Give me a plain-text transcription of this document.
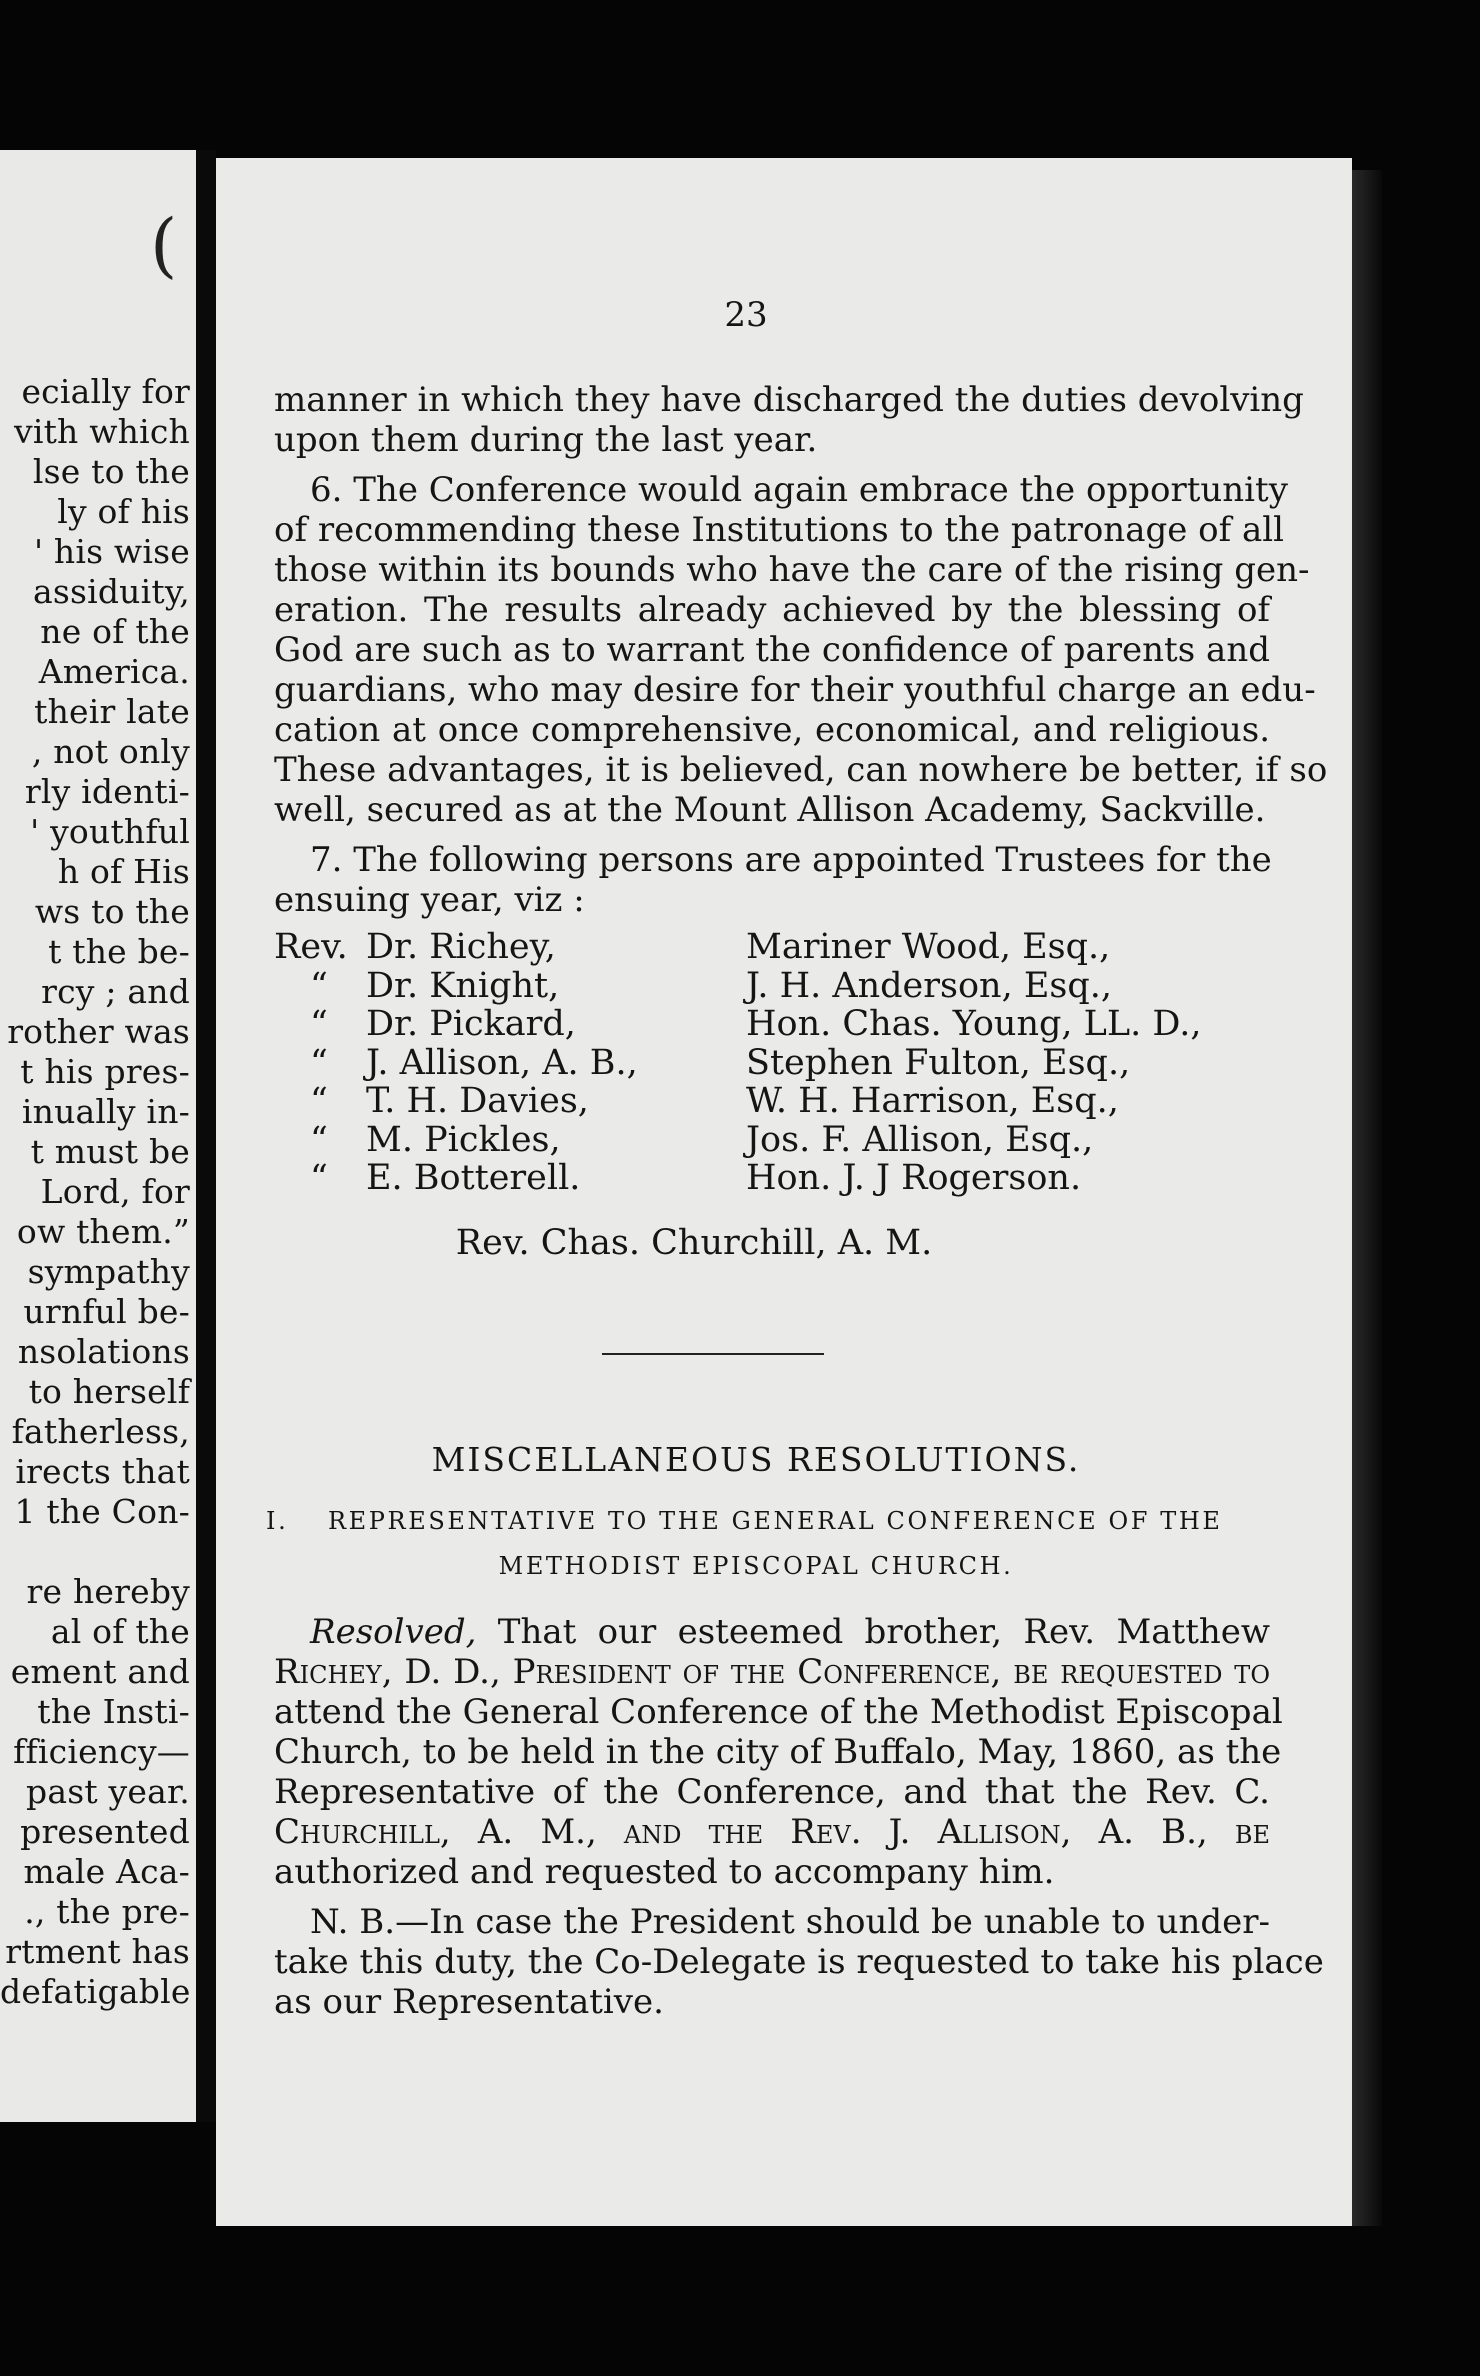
(
ecially for
vith which
lse to the
ly of his
' his wise
assiduity,
ne of the
America.
their late
, not only
rly identi-
' youthful
h of His
ws to the
t the be-
rcy ; and
rother was
t his pres-
inually in-
t must be
Lord, for
ow them.”
sympathy
urnful be-
nsolations
to herself
fatherless,
irects that
1 the Con-
re hereby
al of the
ement and
the Insti-
fficiency—
past year.
presented
male Aca-
., the pre-
rtment has
defatigable
23
manner in which they have discharged the duties devolving
upon them during the last year.
6. The Conference would again embrace the opportunity
of recommending these Institutions to the patronage of all
those within its bounds who have the care of the rising gen-
eration. The results already achieved by the blessing of
God are such as to warrant the confidence of parents and
guardians, who may desire for their youthful charge an edu-
cation at once comprehensive, economical, and religious.
These advantages, it is believed, can nowhere be better, if so
well, secured as at the Mount Allison Academy, Sackville.
7. The following persons are appointed Trustees for the
ensuing year, viz :
Rev. Dr. Richey,
“ Dr. Knight,
“ Dr. Pickard,
“ J. Allison, A. B.,
“ T. H. Davies,
“ M. Pickles,
“ E. Botterell.
Mariner Wood, Esq.,
J. H. Anderson, Esq.,
Hon. Chas. Young, LL. D.,
Stephen Fulton, Esq.,
W. H. Harrison, Esq.,
Jos. F. Allison, Esq.,
Hon. J. J Rogerson.
Rev. Chas. Churchill, A. M.
MISCELLANEOUS RESOLUTIONS.
I. REPRESENTATIVE TO THE GENERAL CONFERENCE OF THE
METHODIST EPISCOPAL CHURCH.
Resolved, That our esteemed brother, Rev. Matthew
Richey, D. D., President of the Conference, be requested to
attend the General Conference of the Methodist Episcopal
Church, to be held in the city of Buffalo, May, 1860, as the
Representative of the Conference, and that the Rev. C.
Churchill, A. M., and the Rev. J. Allison, A. B., be
authorized and requested to accompany him.
N. B.—In case the President should be unable to under-
take this duty, the Co-Delegate is requested to take his place
as our Representative.
